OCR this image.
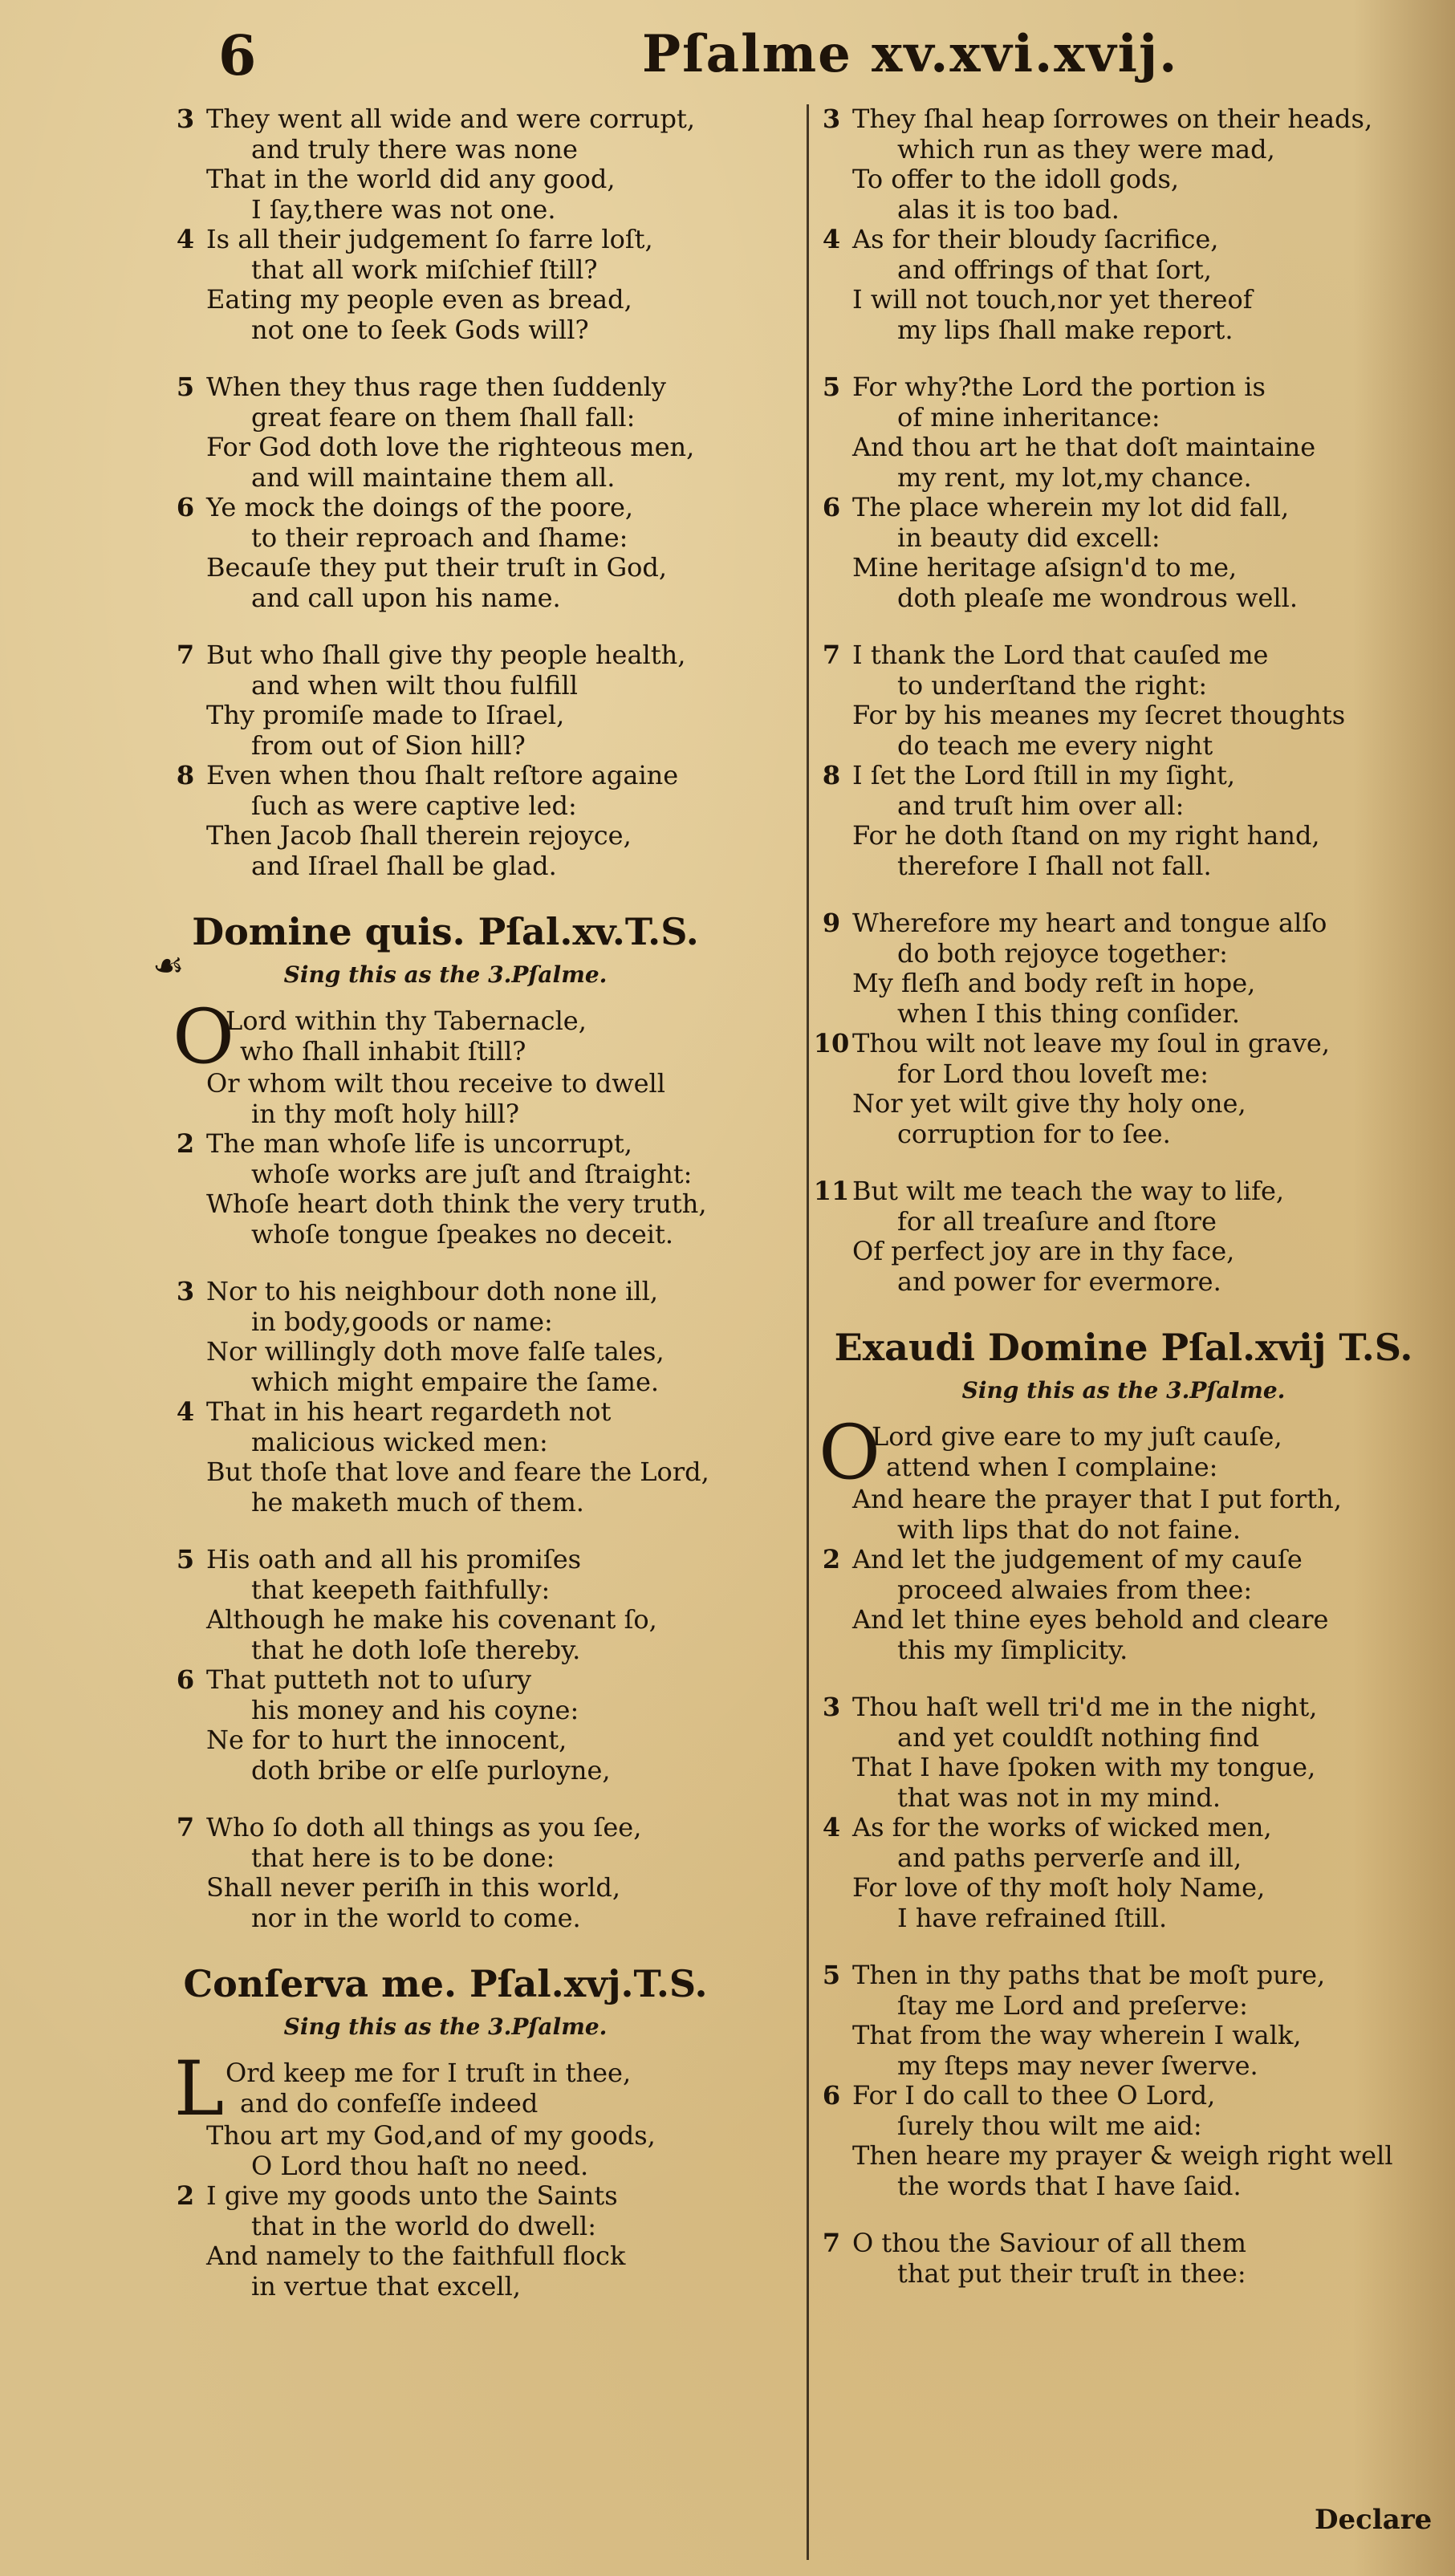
6	Pſalme xv.xvi.xvij.
☙
3 They went all wide and were corrupt,
and truly there was none
That in the world did any good,
I ſay,there was not one.
4 Is all their judgement ſo farre loſt,
that all work miſchief ſtill?
Eating my people even as bread,
not one to ſeek Gods will?
5 When they thus rage then ſuddenly
great feare on them ſhall fall:
For God doth love the righteous men,
and will maintaine them all.
6 Ye mock the doings of the poore,
to their reproach and ſhame:
Becauſe they put their truſt in God,
and call upon his name.
7 But who ſhall give thy people health,
and when wilt thou fulfill
Thy promiſe made to Iſrael,
from out of Sion hill?
8 Even when thou ſhalt reſtore againe
ſuch as were captive led:
Then Jacob ſhall therein rejoyce,
and Iſrael ſhall be glad.
Domine quis. Pſal.xv.T.S.
Sing this as the 3.Pſalme.
O
Lord within thy Tabernacle,
who ſhall inhabit ſtill?
Or whom wilt thou receive to dwell
in thy moſt holy hill?
2 The man whoſe life is uncorrupt,
whoſe works are juſt and ſtraight:
Whoſe heart doth think the very truth,
whoſe tongue ſpeakes no deceit.
3 Nor to his neighbour doth none ill,
in body,goods or name:
Nor willingly doth move falſe tales,
which might empaire the ſame.
4 That in his heart regardeth not
malicious wicked men:
But thoſe that love and feare the Lord,
he maketh much of them.
5 His oath and all his promiſes
that keepeth faithfully:
Although he make his covenant ſo,
that he doth loſe thereby.
6 That putteth not to uſury
his money and his coyne:
Ne for to hurt the innocent,
doth bribe or elſe purloyne,
7 Who ſo doth all things as you ſee,
that here is to be done:
Shall never periſh in this world,
nor in the world to come.
Conſerva me. Pſal.xvj.T.S.
Sing this as the 3.Pſalme.
L Ord keep me for I truſt in thee,
and do confeſſe indeed
Thou art my God,and of my goods,
O Lord thou haſt no need.
2 I give my goods unto the Saints
that in the world do dwell:
And namely to the faithfull flock
in vertue that excell,
3 They ſhal heap ſorrowes on their heads,
which run as they were mad,
To offer to the idoll gods,
alas it is too bad.
4 As for their bloudy ſacrifice,
and offrings of that ſort,
I will not touch,nor yet thereof
my lips ſhall make report.
5 For why?the Lord the portion is
of mine inheritance:
And thou art he that doſt maintaine
my rent, my lot,my chance.
6 The place wherein my lot did fall,
in beauty did excell:
Mine heritage aſsign'd to me,
doth pleaſe me wondrous well.
7 I thank the Lord that cauſed me
to underſtand the right:
For by his meanes my ſecret thoughts
do teach me every night
8 I ſet the Lord ſtill in my ſight,
and truſt him over all:
For he doth ſtand on my right hand,
therefore I ſhall not fall.
9 Wherefore my heart and tongue alſo
do both rejoyce together:
My fleſh and body reſt in hope,
when I this thing conſider.
10 Thou wilt not leave my ſoul in grave,
for Lord thou loveſt me:
Nor yet wilt give thy holy one,
corruption for to ſee.
11 But wilt me teach the way to life,
for all treaſure and ſtore
Of perfect joy are in thy face,
and power for evermore.
Exaudi Domine Pſal.xvij T.S.
Sing this as the 3.Pſalme.
O
Lord give eare to my juſt cauſe,
attend when I complaine:
And heare the prayer that I put forth,
with lips that do not faine.
2 And let the judgement of my cauſe
proceed alwaies from thee:
And let thine eyes behold and cleare
this my ſimplicity.
3 Thou haſt well tri'd me in the night,
and yet couldſt nothing find
That I have ſpoken with my tongue,
that was not in my mind.
4 As for the works of wicked men,
and paths perverſe and ill,
For love of thy moſt holy Name,
I have refrained ſtill.
5 Then in thy paths that be moſt pure,
ſtay me Lord and preſerve:
That from the way wherein I walk,
my ſteps may never ſwerve.
6 For I do call to thee O Lord,
ſurely thou wilt me aid:
Then heare my prayer & weigh right well
the words that I have ſaid.
7 O thou the Saviour of all them
that put their truſt in thee:
Declare
